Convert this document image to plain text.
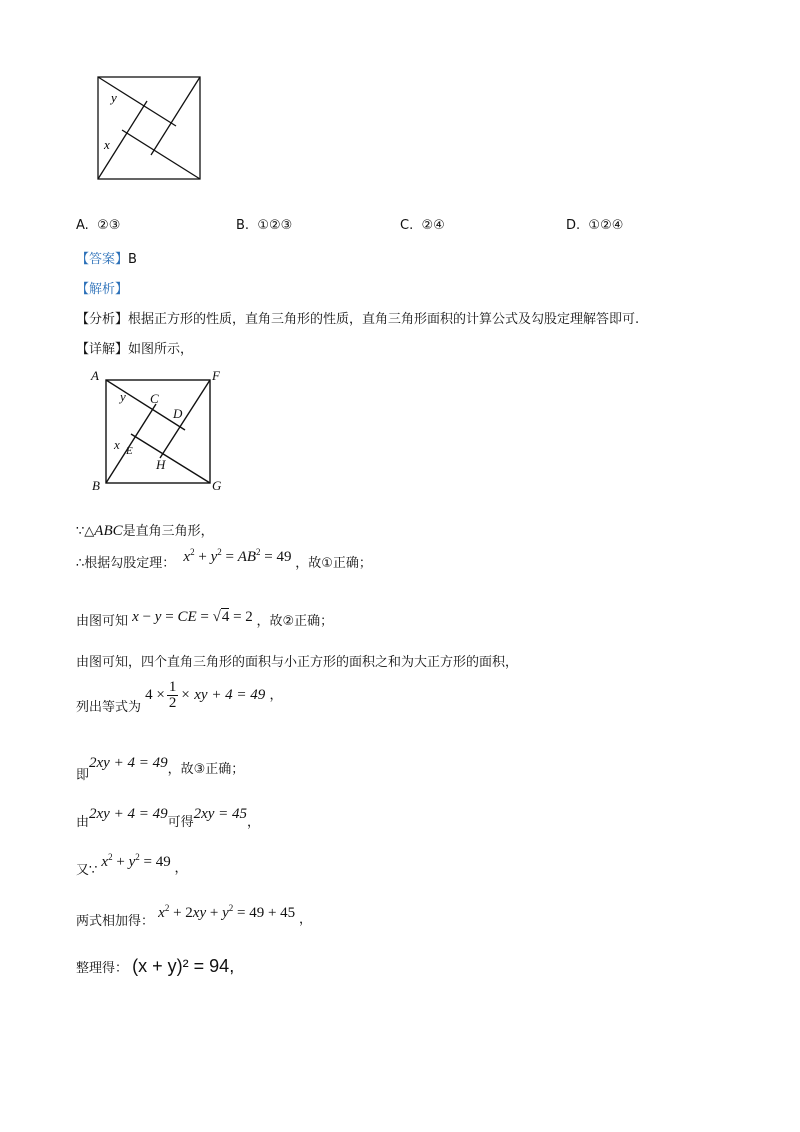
y
x
A. ②③	B. ①②③	C. ②④	D. ①②④
【答案】B
【解析】
【分析】根据正方形的性质，直角三角形的性质，直角三角形面积的计算公式及勾股定理解答即可.
【详解】如图所示，
A	F
B	G
C
D
E
H
y
x
∵△ABC是直角三角形，
∴根据勾股定理： $x^2 + y^2 = AB^2 = 49$ ，故①正确；
由图可知 x − y = CE = √4 = 2 ，故②正确；
由图可知，四个直角三角形的面积与小正方形的面积之和为大正方形的面积，
列出等式为 $4 \times \frac{1}{2}$ × xy + 4 = 49 ，
即2xy + 4 = 49，故③正确；
由2xy + 4 = 49可得2xy = 45，
又∵ $x^2 + y^2 = 49$ ，
两式相加得： $x^2 + 2xy + y^2 = 49 + 45$ ，
整理得： (x + y)² = 94,
